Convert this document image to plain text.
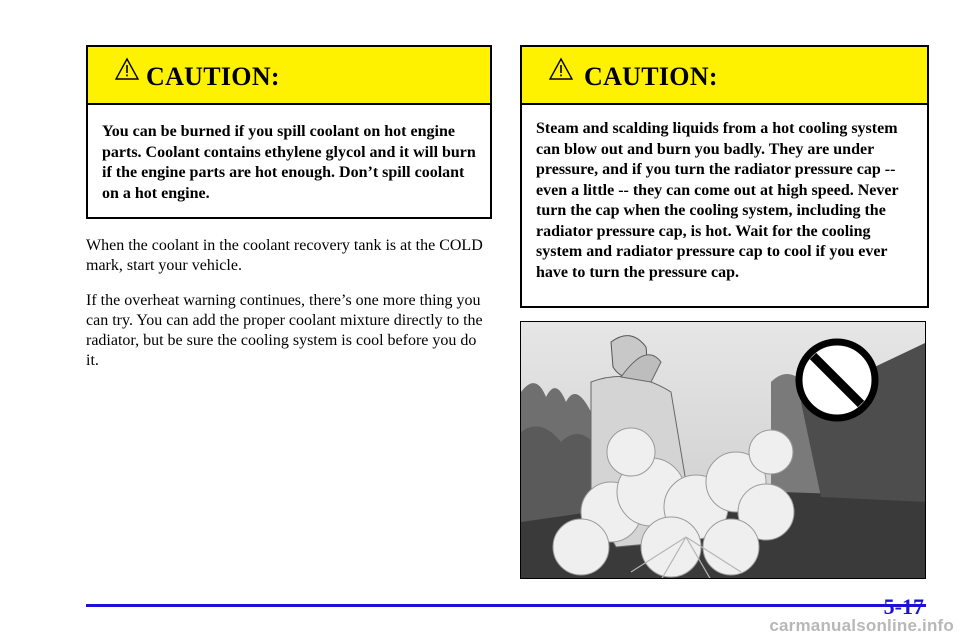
CAUTION:
You can be burned if you spill coolant on hot engine parts. Coolant contains ethylene glycol and it will burn if the engine parts are hot enough. Don’t spill coolant on a hot engine.
When the coolant in the coolant recovery tank is at the COLD mark, start your vehicle.
If the overheat warning continues, there’s one more thing you can try. You can add the proper coolant mixture directly to the radiator, but be sure the cooling system is cool before you do it.
CAUTION:
Steam and scalding liquids from a hot cooling system can blow out and burn you badly. They are under pressure, and if you turn the radiator pressure cap -- even a little -- they can come out at high speed. Never turn the cap when the cooling system, including the radiator pressure cap, is hot. Wait for the cooling system and radiator pressure cap to cool if you ever have to turn the pressure cap.
5-17
carmanualsonline.info
